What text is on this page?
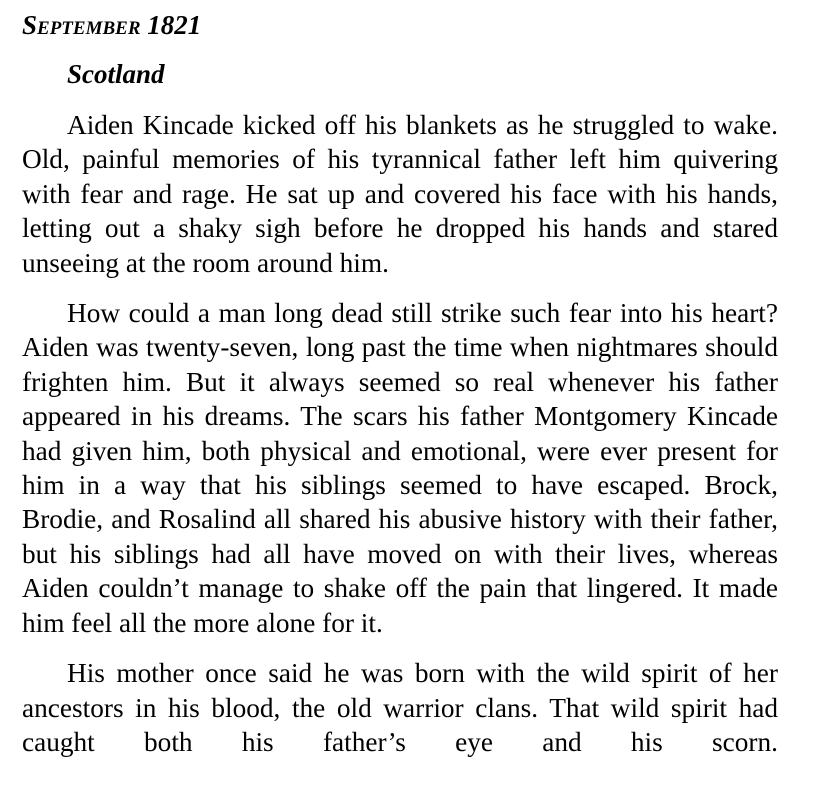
September 1821
Scotland

Aiden Kincade kicked off his blankets as he struggled to wake. Old, painful memories of his tyrannical father left him quivering with fear and rage. He sat up and covered his face with his hands, letting out a shaky sigh before he dropped his hands and stared unseeing at the room around him.

How could a man long dead still strike such fear into his heart? Aiden was twenty-seven, long past the time when nightmares should frighten him. But it always seemed so real whenever his father appeared in his dreams. The scars his father Montgomery Kincade had given him, both physical and emotional, were ever present for him in a way that his siblings seemed to have escaped. Brock, Brodie, and Rosalind all shared his abusive history with their father, but his siblings had all have moved on with their lives, whereas Aiden couldn’t manage to shake off the pain that lingered. It made him feel all the more alone for it.

His mother once said he was born with the wild spirit of her ancestors in his blood, the old warrior clans. That wild spirit had caught both his father’s eye and his scorn.
